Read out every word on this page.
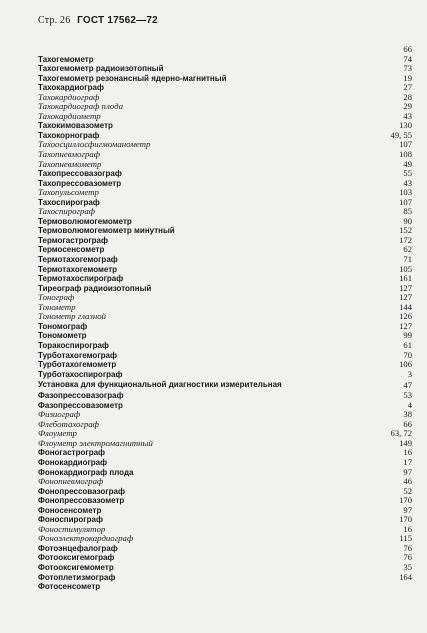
Стр. 26 ГОСТ 17562—72
66
Тахогемометр	74
Тахогемометр радиоизотопный	73
Тахогемометр резонансный ядерно-магнитный	19
Тахокардиограф	27
Тахокардиограф	28
Тахокардиограф плода	29
Тахокардиометр	43
Тахокимовазометр	130
Тахокорнограф	49, 55
Тахоосциллосфигмоманометр	107
Тахопневмограф	108
Тахопневмометр	49
Тахопрессовазограф	55
Тахопрессовазометр	43
Тахопульсометр	103
Тахоспирограф	107
Тахоспирограф	85
Термоволюмогемометр	90
Термоволюмогемометр минутный	152
Термогастрограф	172
Термосенсометр	62
Термотахогемограф	71
Термотахогемометр	105
Термотахоспирограф	161
Тиреограф радиоизотопный	127
Тонограф	127
Тонометр	144
Тонометр глазной	126
Тономограф	127
Тономометр	99
Торакоспирограф	61
Турботахогемограф	70
Турботахогемометр	106
Турботахоспирограф	3
Установка для функциональной диагностики измерительная	47
Фазопрессовазограф	53
Фазопрессовазометр	4
Физиограф	38
Флеботахограф	66
Флоуметр	63, 72
Флоуметр электромагнитный	149
Фоногастрограф	16
Фонокардиограф	17
Фонокардиограф плода	97
Фонопневмограф	46
Фонопрессовазограф	52
Фонопрессовазометр	170
Фоносенсометр	97
Фоноспирограф	170
Фоностимулятор	16
Фоноэлектрокардиограф	115
Фотоэнцефалограф	76
Фотооксигемограф	76
Фотооксигемометр	35
Фотоплетизмограф	164
Фотосенсометр
